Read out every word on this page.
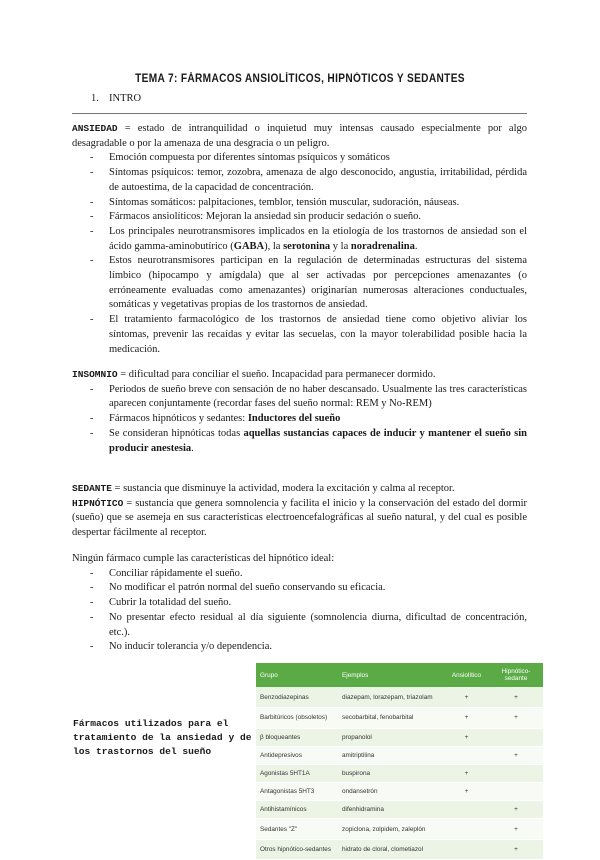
TEMA 7: FÁRMACOS ANSIOLÍTICOS, HIPNÓTICOS Y SEDANTES
1. INTRO

ANSIEDAD = estado de intranquilidad o inquietud muy intensas causado especialmente por algo desagradable o por la amenaza de una desgracia o un peligro.

- Emoción compuesta por diferentes síntomas psíquicos y somáticos
- Síntomas psíquicos: temor, zozobra, amenaza de algo desconocido, angustia, irritabilidad, pérdida de autoestima, de la capacidad de concentración.
- Síntomas somáticos: palpitaciones, temblor, tensión muscular, sudoración, náuseas.
- Fármacos ansiolíticos: Mejoran la ansiedad sin producir sedación o sueño.
- Los principales neurotransmisores implicados en la etiología de los trastornos de ansiedad son el ácido gamma-aminobutírico (GABA), la serotonina y la noradrenalina.
- Estos neurotransmisores participan en la regulación de determinadas estructuras del sistema límbico (hipocampo y amígdala) que al ser activadas por percepciones amenazantes (o erróneamente evaluadas como amenazantes) originarían numerosas alteraciones conductuales, somáticas y vegetativas propias de los trastornos de ansiedad.
- El tratamiento farmacológico de los trastornos de ansiedad tiene como objetivo aliviar los síntomas, prevenir las recaídas y evitar las secuelas, con la mayor tolerabilidad posible hacia la medicación.

INSOMNIO = dificultad para conciliar el sueño. Incapacidad para permanecer dormido.

- Periodos de sueño breve con sensación de no haber descansado. Usualmente las tres características aparecen conjuntamente (recordar fases del sueño normal: REM y No-REM)
- Fármacos hipnóticos y sedantes: Inductores del sueño
- Se consideran hipnóticas todas aquellas sustancias capaces de inducir y mantener el sueño sin producir anestesia.

SEDANTE = sustancia que disminuye la actividad, modera la excitación y calma al receptor.

HIPNÓTICO = sustancia que genera somnolencia y facilita el inicio y la conservación del estado del dormir (sueño) que se asemeja en sus características electroencefalográficas al sueño natural, y del cual es posible despertar fácilmente al receptor.

Ningún fármaco cumple las características del hipnótico ideal:

- Conciliar rápidamente el sueño.
- No modificar el patrón normal del sueño conservando su eficacia.
- Cubrir la totalidad del sueño.
- No presentar efecto residual al día siguiente (somnolencia diurna, dificultad de concentración, etc.).
- No inducir tolerancia y/o dependencia.
Fármacos utilizados para el tratamiento de la ansiedad y de los trastornos del sueño
Grupo	Ejemplos	Ansiolítico	Hipnótico-sedante
Benzodiazepinas	diazepam, lorazepam, triazolam	+	+
Barbitúricos (obsoletos)	secobarbital, fenobarbital	+	+
β bloqueantes	propanolol	+	
Antidepresivos	amitriptilina		+
Agonistas 5HT1A	buspirona	+	
Antagonistas 5HT3	ondansetrón	+	
Antihistamínicos	difenhidramina		+
Sedantes "Z"	zopiclona, zolpidem, zaleplón		+
Otros hipnótico-sedantes	hidrato de cloral, clometiazol		+
